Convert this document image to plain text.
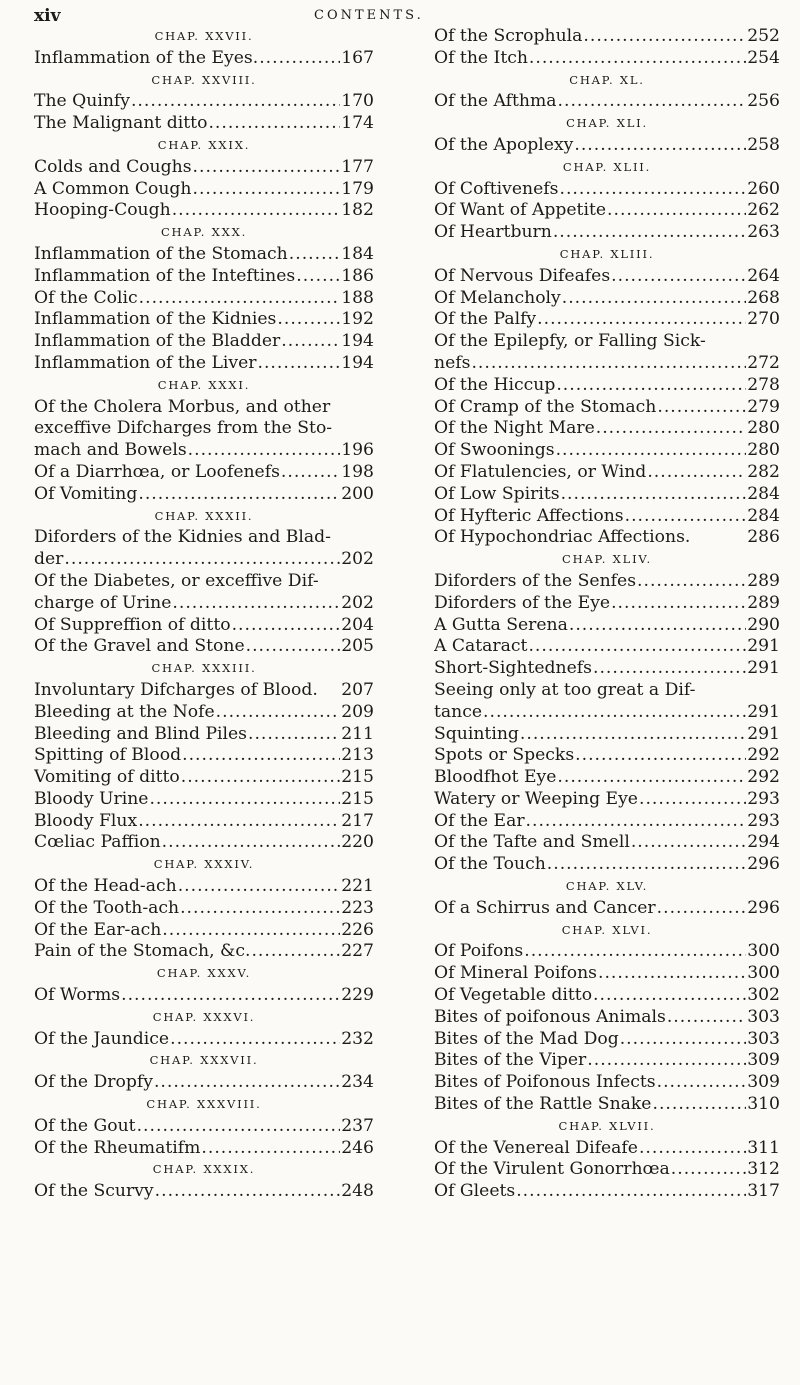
xiv	CONTENTS.
CHAP. XXVII.
Inflammation of the Eyes. .....	167
CHAP. XXVIII.
The Quinfy .....	170
The Malignant ditto .....	174
CHAP. XXIX.
Colds and Coughs .....	177
A Common Cough .....	179
Hooping-Cough .....	182
CHAP. XXX.
Inflammation of the Stomach .....	184
Inflammation of the Inteftines .....	186
Of the Colic .....	188
Inflammation of the Kidnies .....	192
Inflammation of the Bladder .....	194
Inflammation of the Liver .....	194
CHAP. XXXI.
Of the Cholera Morbus, and other
exceffive Difcharges from the Sto-
mach and Bowels .....	196
Of a Diarrhœa, or Loofenefs .....	198
Of Vomiting .....	200
CHAP. XXXII.
Diforders of the Kidnies and Blad-
der .....	202
Of the Diabetes, or exceffive Dif-
charge of Urine .....	202
Of Suppreffion of ditto .....	204
Of the Gravel and Stone .....	205
CHAP. XXXIII.
Involuntary Difcharges of Blood. 207
Bleeding at the Nofe .....	209
Bleeding and Blind Piles .....	211
Spitting of Blood .....	213
Vomiting of ditto .....	215
Bloody Urine .....	215
Bloody Flux .....	217
Cœliac Paffion .....	220
CHAP. XXXIV.
Of the Head-ach .....	221
Of the Tooth-ach .....	223
Of the Ear-ach .....	226
Pain of the Stomach, &c. .....	227
CHAP. XXXV.
Of Worms .....	229
CHAP. XXXVI.
Of the Jaundice .....	232
CHAP. XXXVII.
Of the Dropfy .....	234
CHAP. XXXVIII.
Of the Gout .....	237
Of the Rheumatifm .....	246
CHAP. XXXIX.
Of the Scurvy .....	248
Of the Scrophula .....	252
Of the Itch .....	254
CHAP. XL.
Of the Afthma .....	256
CHAP. XLI.
Of the Apoplexy .....	258
CHAP. XLII.
Of Coftivenefs .....	260
Of Want of Appetite .....	262
Of Heartburn .....	263
CHAP. XLIII.
Of Nervous Difeafes .....	264
Of Melancholy .....	268
Of the Palfy .....	270
Of the Epilepfy, or Falling Sick-
nefs .....	272
Of the Hiccup .....	278
Of Cramp of the Stomach .....	279
Of the Night Mare .....	280
Of Swoonings .....	280
Of Flatulencies, or Wind .....	282
Of Low Spirits .....	284
Of Hyfteric Affections .....	284
Of Hypochondriac Affections.	286
CHAP. XLIV.
Diforders of the Senfes .....	289
Diforders of the Eye .....	289
A Gutta Serena .....	290
A Cataract .....	291
Short-Sightednefs .....	291
Seeing only at too great a Dif-
tance .....	291
Squinting .....	291
Spots or Specks .....	292
Bloodfhot Eye .....	292
Watery or Weeping Eye .....	293
Of the Ear .....	293
Of the Tafte and Smell .....	294
Of the Touch .....	296
CHAP. XLV.
Of a Schirrus and Cancer .....	296
CHAP. XLVI.
Of Poifons .....	300
Of Mineral Poifons .....	300
Of Vegetable ditto .....	302
Bites of poifonous Animals .....	303
Bites of the Mad Dog .....	303
Bites of the Viper .....	309
Bites of Poifonous Infects .....	309
Bites of the Rattle Snake .....	310
CHAP. XLVII.
Of the Venereal Difeafe .....	311
Of the Virulent Gonorrhœa .....	312
Of Gleets .....	317
